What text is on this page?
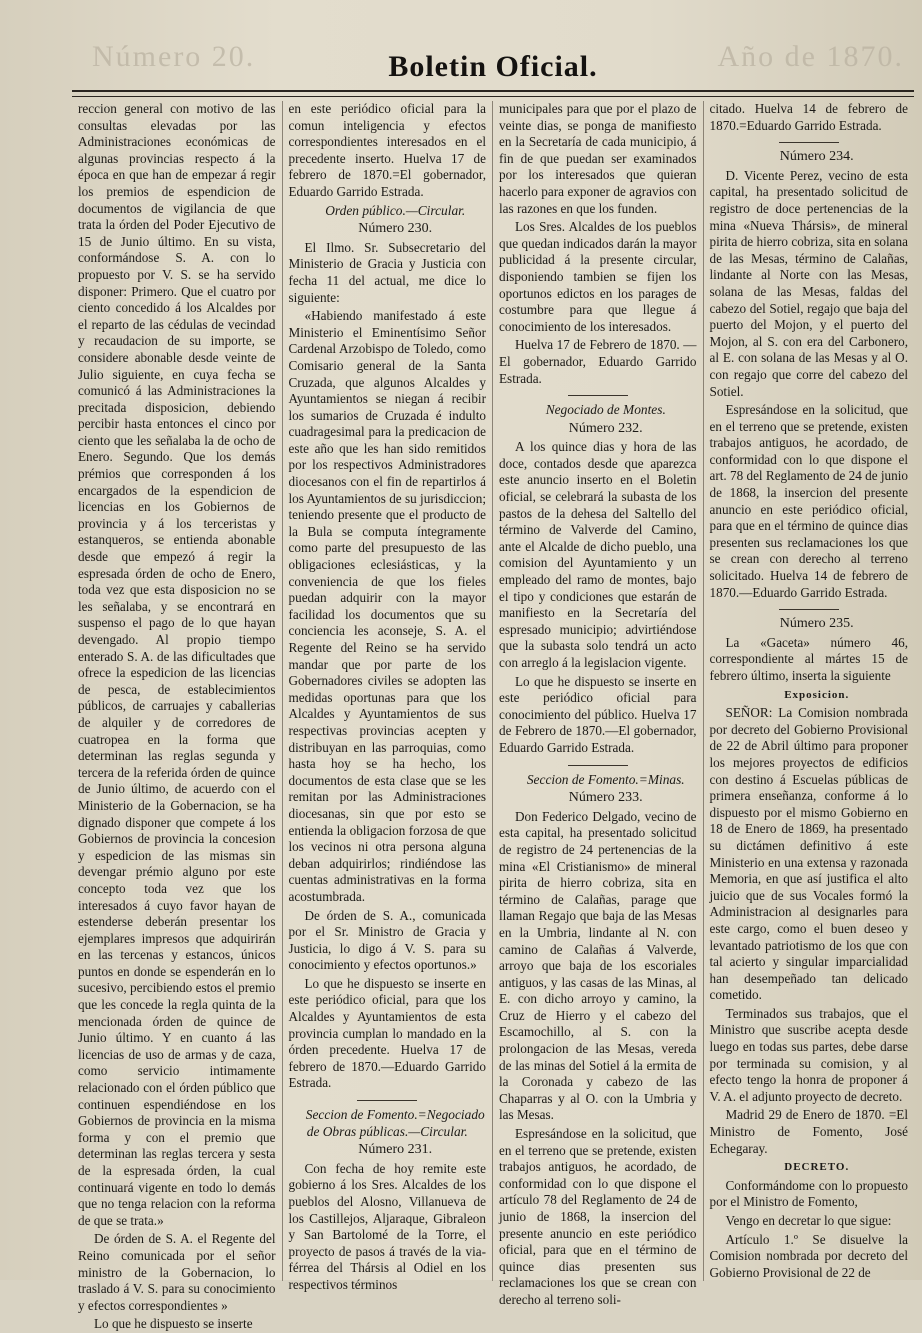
Número 20.	Boletin Oficial.	Año de 1870.

reccion general con motivo de las consultas elevadas por las Administraciones económicas de algunas provincias respecto á la época en que han de empezar á regir los premios de espendicion de documentos de vigilancia de que trata la órden del Poder Ejecutivo de 15 de Junio último. En su vista, conformándose S. A. con lo propuesto por V. S. se ha servido disponer: Primero. Que el cuatro por ciento concedido á los Alcaldes por el reparto de las cédulas de vecindad y recaudacion de su importe, se considere abonable desde veinte de Julio siguiente, en cuya fecha se comunicó á las Administraciones la precitada disposicion, debiendo percibir hasta entonces el cinco por ciento que les señalaba la de ocho de Enero. Segundo. Que los demás prémios que corresponden á los encargados de la espendicion de licencias en los Gobiernos de provincia y á los terceristas y estanqueros, se entienda abonable desde que empezó á regir la espresada órden de ocho de Enero, toda vez que esta disposicion no se les señalaba, y se encontrará en suspenso el pago de lo que hayan devengado. Al propio tiempo enterado S. A. de las dificultades que ofrece la espedicion de las licencias de pesca, de establecimientos públicos, de carruajes y caballerias de alquiler y de corredores de cuatropea en la forma que determinan las reglas segunda y tercera de la referida órden de quince de Junio último, de acuerdo con el Ministerio de la Gobernacion, se ha dignado disponer que compete á los Gobiernos de provincia la concesion y espedicion de las mismas sin devengar prémio alguno por este concepto toda vez que los interesados á cuyo favor hayan de estenderse deberán presentar los ejemplares impresos que adquirirán en las tercenas y estancos, únicos puntos en donde se espenderán en lo sucesivo, percibiendo estos el premio que les concede la regla quinta de la mencionada órden de quince de Junio último. Y en cuanto á las licencias de uso de armas y de caza, como servicio intimamente relacionado con el órden público que continuen espendiéndose en los Gobiernos de provincia en la misma forma y con el premio que determinan las reglas tercera y sesta de la espresada órden, la cual continuará vigente en todo lo demás que no tenga relacion con la reforma de que se trata.»

De órden de S. A. el Regente del Reino comunicada por el señor ministro de la Gobernacion, lo traslado á V. S. para su conocimiento y efectos correspondientes »

Lo que he dispuesto se inserte

en este periódico oficial para la comun inteligencia y efectos correspondientes interesados en el precedente inserto. Huelva 17 de febrero de 1870.=El gobernador, Eduardo Garrido Estrada.

Orden público.—Circular.

Número 230.

El Ilmo. Sr. Subsecretario del Ministerio de Gracia y Justicia con fecha 11 del actual, me dice lo siguiente:

«Habiendo manifestado á este Ministerio el Eminentísimo Señor Cardenal Arzobispo de Toledo, como Comisario general de la Santa Cruzada, que algunos Alcaldes y Ayuntamientos se niegan á recibir los sumarios de Cruzada é indulto cuadragesimal para la predicacion de este año que les han sido remitidos por los respectivos Administradores diocesanos con el fin de repartirlos á los Ayuntamientos de su jurisdiccion; teniendo presente que el producto de la Bula se computa íntegramente como parte del presupuesto de las obligaciones eclesiásticas, y la conveniencia de que los fieles puedan adquirir con la mayor facilidad los documentos que su conciencia les aconseje, S. A. el Regente del Reino se ha servido mandar que por parte de los Gobernadores civiles se adopten las medidas oportunas para que los Alcaldes y Ayuntamientos de sus respectivas provincias acepten y distribuyan en las parroquias, como hasta hoy se ha hecho, los documentos de esta clase que se les remitan por las Administraciones diocesanas, sin que por esto se entienda la obligacion forzosa de que los vecinos ni otra persona alguna deban adquirirlos; rindiéndose las cuentas administrativas en la forma acostumbrada.

De órden de S. A., comunicada por el Sr. Ministro de Gracia y Justicia, lo digo á V. S. para su conocimiento y efectos oportunos.»

Lo que he dispuesto se inserte en este periódico oficial, para que los Alcaldes y Ayuntamientos de esta provincia cumplan lo mandado en la órden precedente. Huelva 17 de febrero de 1870.—Eduardo Garrido Estrada.

Seccion de Fomento.=Negociado de Obras públicas.—Circular.

Número 231.

Con fecha de hoy remite este gobierno á los Sres. Alcaldes de los pueblos del Alosno, Villanueva de los Castillejos, Aljaraque, Gibraleon y San Bartolomé de la Torre, el proyecto de pasos á través de la via-férrea del Thársis al Odiel en los respectivos términos

municipales para que por el plazo de veinte dias, se ponga de manifiesto en la Secretaría de cada municipio, á fin de que puedan ser examinados por los interesados que quieran hacerlo para exponer de agravios con las razones en que los funden.

Los Sres. Alcaldes de los pueblos que quedan indicados darán la mayor publicidad á la presente circular, disponiendo tambien se fijen los oportunos edictos en los parages de costumbre para que llegue á conocimiento de los interesados.

Huelva 17 de Febrero de 1870. —El gobernador, Eduardo Garrido Estrada.

Negociado de Montes.

Número 232.

A los quince dias y hora de las doce, contados desde que aparezca este anuncio inserto en el Boletin oficial, se celebrará la subasta de los pastos de la dehesa del Saltello del término de Valverde del Camino, ante el Alcalde de dicho pueblo, una comision del Ayuntamiento y un empleado del ramo de montes, bajo el tipo y condiciones que estarán de manifiesto en la Secretaría del espresado municipio; advirtiéndose que la subasta solo tendrá un acto con arreglo á la legislacion vigente.

Lo que he dispuesto se inserte en este periódico oficial para conocimiento del público. Huelva 17 de Febrero de 1870.—El gobernador, Eduardo Garrido Estrada.

Seccion de Fomento.=Minas.

Número 233.

Don Federico Delgado, vecino de esta capital, ha presentado solicitud de registro de 24 pertenencias de la mina «El Cristianismo» de mineral pirita de hierro cobriza, sita en término de Calañas, parage que llaman Regajo que baja de las Mesas en la Umbria, lindante al N. con camino de Calañas á Valverde, arroyo que baja de los escoriales antiguos, y las casas de las Minas, al E. con dicho arroyo y camino, la Cruz de Hierro y el cabezo del Escamochillo, al S. con la prolongacion de las Mesas, vereda de las minas del Sotiel á la ermita de la Coronada y cabezo de las Chaparras y al O. con la Umbria y las Mesas.

Espresándose en la solicitud, que en el terreno que se pretende, existen trabajos antiguos, he acordado, de conformidad con lo que dispone el artículo 78 del Reglamento de 24 de junio de 1868, la insercion del presente anuncio en este periódico oficial, para que en el término de quince dias presenten sus reclamaciones los que se crean con derecho al terreno soli-

citado. Huelva 14 de febrero de 1870.=Eduardo Garrido Estrada.

Número 234.

D. Vicente Perez, vecino de esta capital, ha presentado solicitud de registro de doce pertenencias de la mina «Nueva Thársis», de mineral pirita de hierro cobriza, sita en solana de las Mesas, término de Calañas, lindante al Norte con las Mesas, solana de las Mesas, faldas del cabezo del Sotiel, regajo que baja del puerto del Mojon, y el puerto del Mojon, al S. con era del Carbonero, al E. con solana de las Mesas y al O. con regajo que corre del cabezo del Sotiel.

Espresándose en la solicitud, que en el terreno que se pretende, existen trabajos antiguos, he acordado, de conformidad con lo que dispone el art. 78 del Reglamento de 24 de junio de 1868, la insercion del presente anuncio en este periódico oficial, para que en el término de quince dias presenten sus reclamaciones los que se crean con derecho al terreno solicitado. Huelva 14 de febrero de 1870.—Eduardo Garrido Estrada.

Número 235.

La «Gaceta» número 46, correspondiente al mártes 15 de febrero último, inserta la siguiente

Exposicion.

SEÑOR: La Comision nombrada por decreto del Gobierno Provisional de 22 de Abril último para proponer los mejores proyectos de edificios con destino á Escuelas públicas de primera enseñanza, conforme á lo dispuesto por el mismo Gobierno en 18 de Enero de 1869, ha presentado su dictámen definitivo á este Ministerio en una extensa y razonada Memoria, en que así justifica el alto juicio que de sus Vocales formó la Administracion al designarles para este cargo, como el buen deseo y levantado patriotismo de los que con tal acierto y singular imparcialidad han desempeñado tan delicado cometido.

Terminados sus trabajos, que el Ministro que suscribe acepta desde luego en todas sus partes, debe darse por terminada su comision, y al efecto tengo la honra de proponer á V. A. el adjunto proyecto de decreto.

Madrid 29 de Enero de 1870. =El Ministro de Fomento, José Echegaray.

DECRETO.

Conformándome con lo propuesto por el Ministro de Fomento,

Vengo en decretar lo que sigue:

Artículo 1.º Se disuelve la Comision nombrada por decreto del Gobierno Provisional de 22 de
